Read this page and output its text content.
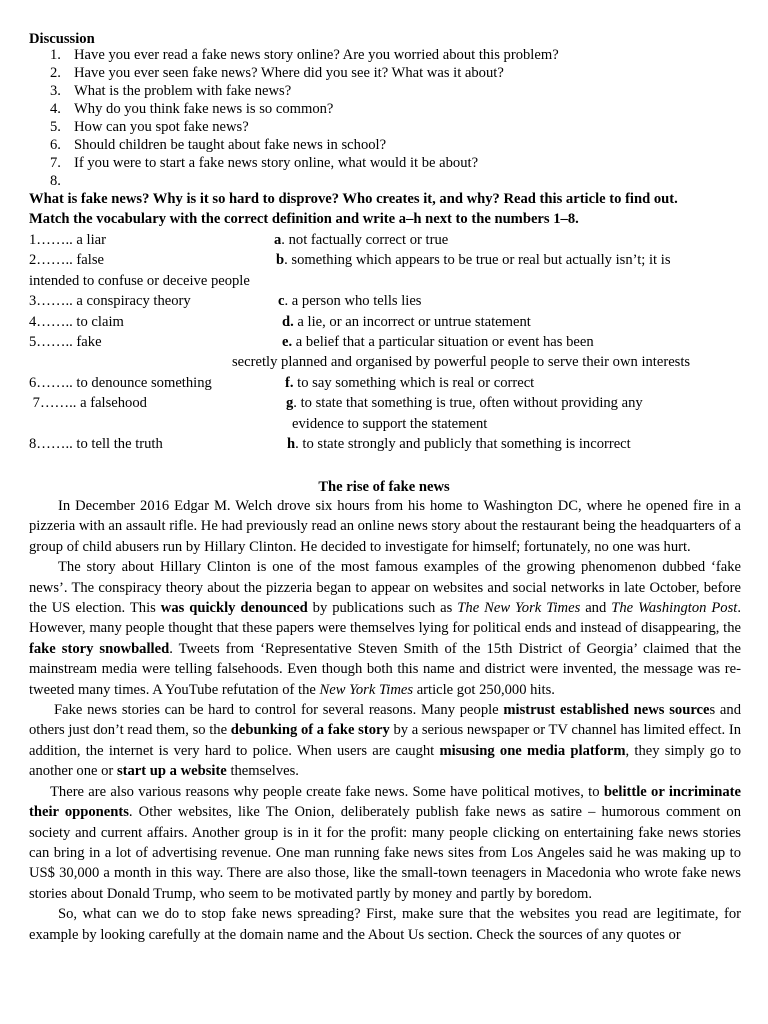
Discussion
1. Have you ever read a fake news story online? Are you worried about this problem?
2. Have you ever seen fake news? Where did you see it? What was it about?
3. What is the problem with fake news?
4. Why do you think fake news is so common?
5. How can you spot fake news?
6. Should children be taught about fake news in school?
7. If you were to start a fake news story online, what would it be about?
8.
What is fake news? Why is it so hard to disprove? Who creates it, and why? Read this article to find out.
Match the vocabulary with the correct definition and write a–h next to the numbers 1–8.
1…….. a liar	a. not factually correct or true
2…….. false	b. something which appears to be true or real but actually isn’t; it is
intended to confuse or deceive people
3…….. a conspiracy theory	c. a person who tells lies
4…….. to claim	d. a lie, or an incorrect or untrue statement
5…….. fake	e. a belief that a particular situation or event has been
secretly planned and organised by powerful people to serve their own interests
6…….. to denounce something	f. to say something which is real or correct
7…….. a falsehood	g. to state that something is true, often without providing any
evidence to support the statement
8…….. to tell the truth	h. to state strongly and publicly that something is incorrect
The rise of fake news

In December 2016 Edgar M. Welch drove six hours from his home to Washington DC, where he opened fire in a pizzeria with an assault rifle. He had previously read an online news story about the restaurant being the headquarters of a group of child abusers run by Hillary Clinton. He decided to investigate for himself; fortunately, no one was hurt.

The story about Hillary Clinton is one of the most famous examples of the growing phenomenon dubbed ‘fake news’. The conspiracy theory about the pizzeria began to appear on websites and social networks in late October, before the US election. This was quickly denounced by publications such as The New York Times and The Washington Post. However, many people thought that these papers were themselves lying for political ends and instead of disappearing, the fake story snowballed. Tweets from ‘Representative Steven Smith of the 15th District of Georgia’ claimed that the mainstream media were telling falsehoods. Even though both this name and district were invented, the message was re-tweeted many times. A YouTube refutation of the New York Times article got 250,000 hits.

Fake news stories can be hard to control for several reasons. Many people mistrust established news sources and others just don’t read them, so the debunking of a fake story by a serious newspaper or TV channel has limited effect. In addition, the internet is very hard to police. When users are caught misusing one media platform, they simply go to another one or start up a website themselves.

There are also various reasons why people create fake news. Some have political motives, to belittle or incriminate their opponents. Other websites, like The Onion, deliberately publish fake news as satire – humorous comment on society and current affairs. Another group is in it for the profit: many people clicking on entertaining fake news stories can bring in a lot of advertising revenue. One man running fake news sites from Los Angeles said he was making up to US$ 30,000 a month in this way. There are also those, like the small-town teenagers in Macedonia who wrote fake news stories about Donald Trump, who seem to be motivated partly by money and partly by boredom.

So, what can we do to stop fake news spreading? First, make sure that the websites you read are legitimate, for example by looking carefully at the domain name and the About Us section. Check the sources of any quotes or
